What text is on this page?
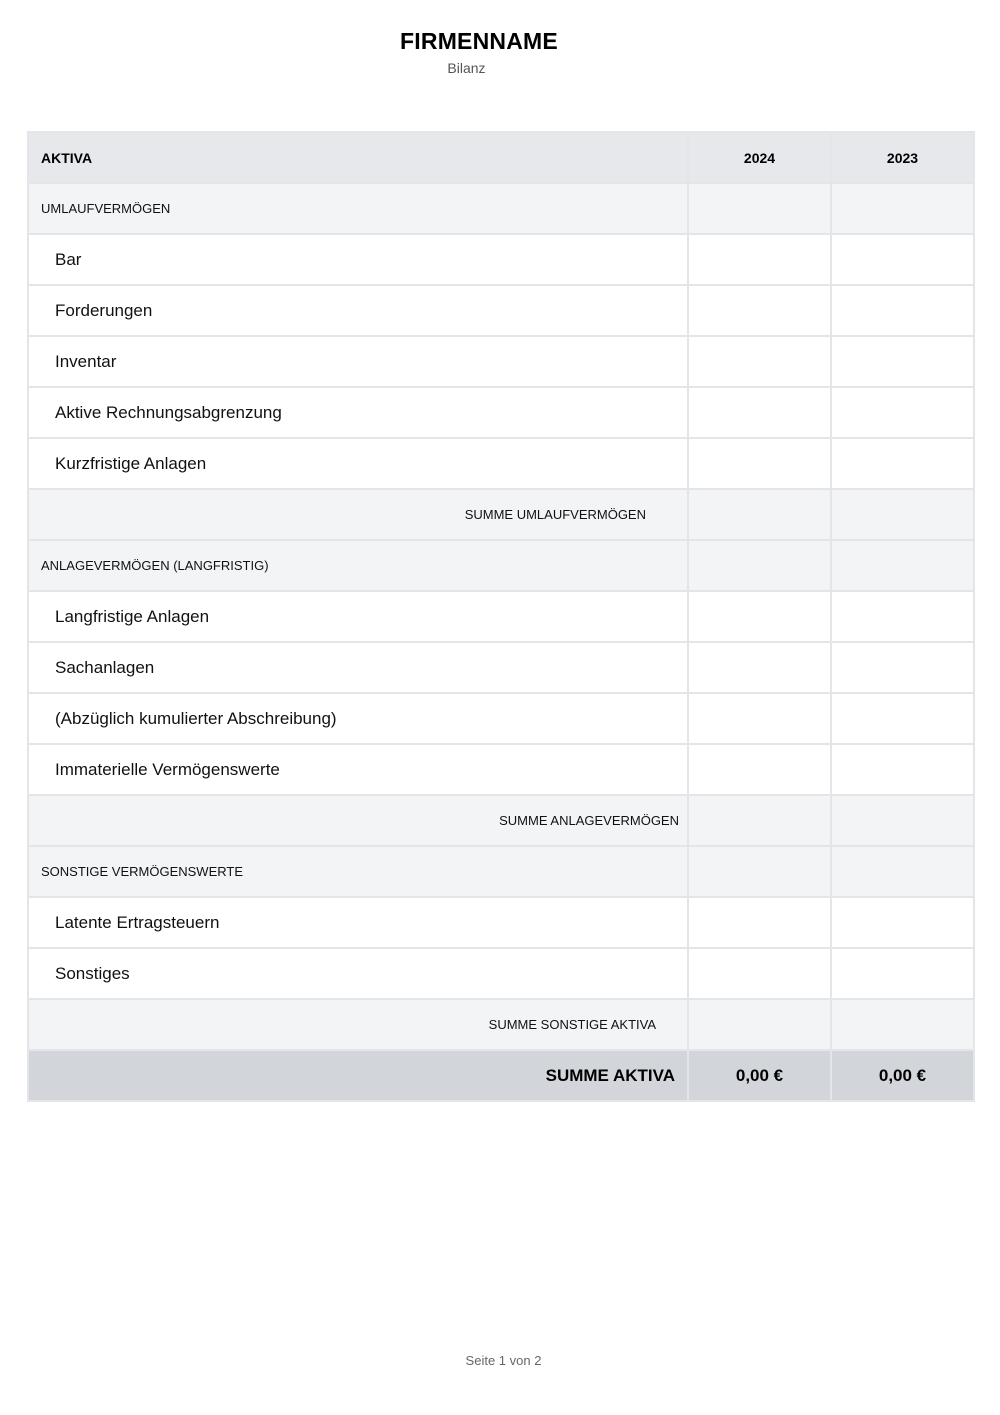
FIRMENNAME
Bilanz
AKTIVA	2024	2023
UMLAUFVERMÖGEN		
Bar		
Forderungen		
Inventar		
Aktive Rechnungsabgrenzung		
Kurzfristige Anlagen		
SUMME UMLAUFVERMÖGEN		
ANLAGEVERMÖGEN (LANGFRISTIG)		
Langfristige Anlagen		
Sachanlagen		
(Abzüglich kumulierter Abschreibung)		
Immaterielle Vermögenswerte		
SUMME ANLAGEVERMÖGEN		
SONSTIGE VERMÖGENSWERTE		
Latente Ertragsteuern		
Sonstiges		
SUMME SONSTIGE AKTIVA		
SUMME AKTIVA	0,00 €	0,00 €
Seite 1 von 2
